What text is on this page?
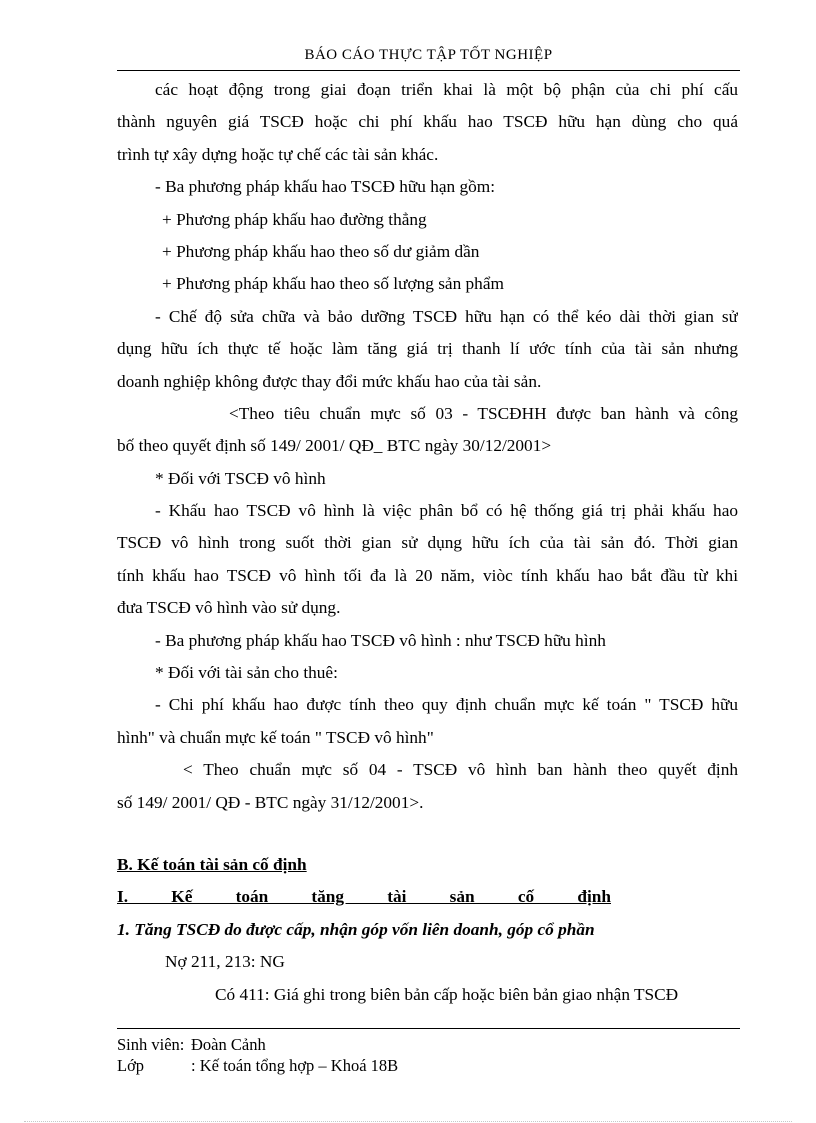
BÁO CÁO THỰC TẬP TỐT NGHIỆP
các hoạt động trong giai đoạn triển khai là một bộ phận của chi phí cấu
thành nguyên giá TSCĐ hoặc chi phí khấu hao TSCĐ hữu hạn dùng cho quá
trình tự xây dựng hoặc tự chế các tài sản khác.
- Ba phương pháp khấu hao TSCĐ hữu hạn gồm:
+ Phương pháp khấu hao đường thẳng
+ Phương pháp khấu hao theo số dư giảm dần
+ Phương pháp khấu hao theo số lượng sản phẩm
- Chế độ sửa chữa và bảo dưỡng TSCĐ hữu hạn có thể kéo dài thời gian sử
dụng hữu ích thực tế hoặc làm tăng giá trị thanh lí ước tính của tài sản nhưng
doanh nghiệp không được thay đổi mức khấu hao của tài sản.
<Theo tiêu chuẩn mực số 03 - TSCĐHH được ban hành và công
bố theo quyết định số 149/ 2001/ QĐ_ BTC ngày 30/12/2001>
* Đối với TSCĐ vô hình
- Khấu hao TSCĐ vô hình là việc phân bổ có hệ thống giá trị phải khấu hao
TSCĐ vô hình trong suốt thời gian sử dụng hữu ích của tài sản đó. Thời gian
tính khấu hao TSCĐ vô hình tối đa là 20 năm, viòc tính khấu hao bắt đầu từ khi
đưa TSCĐ vô hình vào sử dụng.
- Ba phương pháp khấu hao TSCĐ vô hình : như TSCĐ hữu hình
* Đối với tài sản cho thuê:
- Chi phí khấu hao được tính theo quy định chuẩn mực kế toán " TSCĐ hữu
hình" và chuẩn mực kế toán " TSCĐ vô hình"
< Theo chuẩn mực số 04 - TSCĐ vô hình ban hành theo quyết định
số 149/ 2001/ QĐ - BTC ngày 31/12/2001>.
B. Kế toán tài sản cố định
I.          Kế          toán          tăng          tài          sản          cố          định
1. Tăng TSCĐ do được cấp, nhận góp vốn liên doanh, góp cổ phần
Nợ 211, 213: NG
Có 411: Giá ghi trong biên bản cấp hoặc biên bản giao nhận TSCĐ
Sinh viên: Đoàn Cảnh
Lớp	: Kế toán tổng hợp – Khoá 18B
